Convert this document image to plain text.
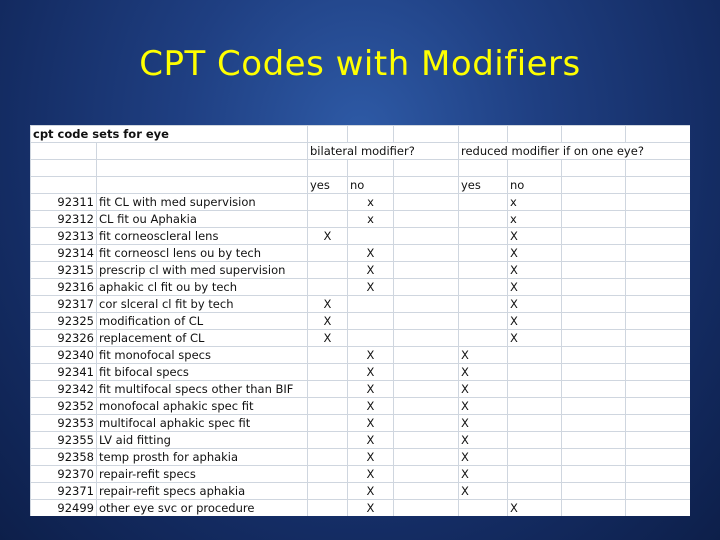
CPT Codes with Modifiers
cpt code sets for eye								
		bilateral modifier?			reduced modifier if on one eye?			

		yes	no		yes	no		
92311	fit CL with med supervision		x			x		
92312	CL fit ou Aphakia		x			x		
92313	fit corneoscleral lens	X				X		
92314	fit corneoscl lens ou by tech		X			X		
92315	prescrip cl with med supervision		X			X		
92316	aphakic cl fit ou by tech		X			X		
92317	cor slceral cl fit by tech	X				X		
92325	modification of CL	X				X		
92326	replacement of CL	X				X		
92340	fit monofocal specs		X		X			
92341	fit bifocal specs		X		X			
92342	fit multifocal specs other than BIF		X		X			
92352	monofocal aphakic spec fit		X		X			
92353	multifocal aphakic spec fit		X		X			
92355	LV aid fitting		X		X			
92358	temp prosth for aphakia		X		X			
92370	repair-refit specs		X		X			
92371	repair-refit specs aphakia		X		X			
92499	other eye svc or procedure		X			X		
